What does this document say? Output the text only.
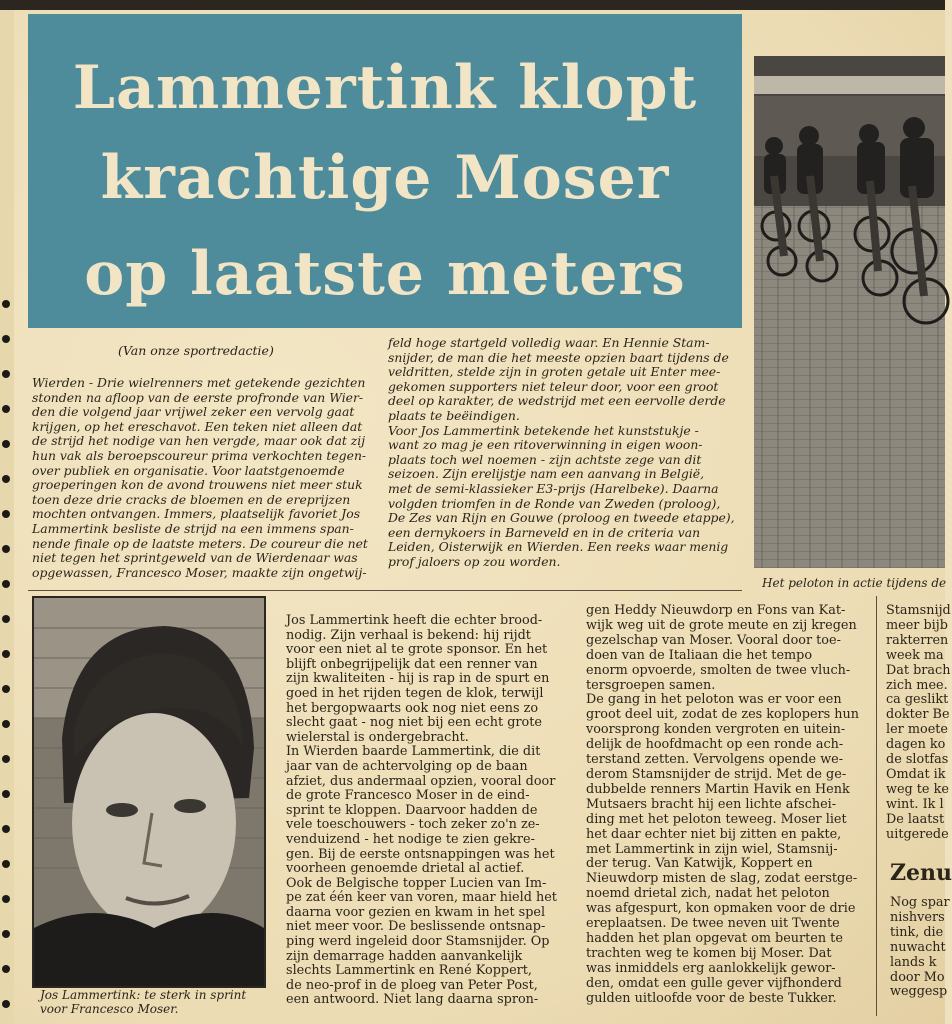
Lammertink klopt
krachtige Moser
op laatste meters
Het peloton in actie tijdens de
(Van onze sportredactie)

Wierden - Drie wielrenners met getekende gezichten

stonden na afloop van de eerste profronde van Wier-

den die volgend jaar vrijwel zeker een vervolg gaat

krijgen, op het ereschavot. Een teken niet alleen dat

de strijd het nodige van hen vergde, maar ook dat zij

hun vak als beroepscoureur prima verkochten tegen-

over publiek en organisatie. Voor laatstgenoemde

groeperingen kon de avond trouwens niet meer stuk

toen deze drie cracks de bloemen en de ereprijzen

mochten ontvangen. Immers, plaatselijk favoriet Jos

Lammertink besliste de strijd na een immens span-

nende finale op de laatste meters. De coureur die net

niet tegen het sprintgeweld van de Wierdenaar was

opgewassen, Francesco Moser, maakte zijn ongetwij-

feld hoge startgeld volledig waar. En Hennie Stam-

snijder, de man die het meeste opzien baart tijdens de

veldritten, stelde zijn in groten getale uit Enter mee-

gekomen supporters niet teleur door, voor een groot

deel op karakter, de wedstrijd met een eervolle derde

plaats te beëindigen.

Voor Jos Lammertink betekende het kunststukje -

want zo mag je een ritoverwinning in eigen woon-

plaats toch wel noemen - zijn achtste zege van dit

seizoen. Zijn erelijstje nam een aanvang in België,

met de semi-klassieker E3-prijs (Harelbeke). Daarna

volgden triomfen in de Ronde van Zweden (proloog),

De Zes van Rijn en Gouwe (proloog en tweede etappe),

een dernykoers in Barneveld en in de criteria van

Leiden, Oisterwijk en Wierden. Een reeks waar menig

prof jaloers op zou worden.

Jos Lammertink: te sterk in sprint
voor Francesco Moser.

Jos Lammertink heeft die echter brood-

nodig. Zijn verhaal is bekend: hij rijdt

voor een niet al te grote sponsor. En het

blijft onbegrijpelijk dat een renner van

zijn kwaliteiten - hij is rap in de spurt en

goed in het rijden tegen de klok, terwijl

het bergopwaarts ook nog niet eens zo

slecht gaat - nog niet bij een echt grote

wielerstal is ondergebracht.

In Wierden baarde Lammertink, die dit

jaar van de achtervolging op de baan

afziet, dus andermaal opzien, vooral door

de grote Francesco Moser in de eind-

sprint te kloppen. Daarvoor hadden de

vele toeschouwers - toch zeker zo'n ze-

venduizend - het nodige te zien gekre-

gen. Bij de eerste ontsnappingen was het

voorheen genoemde drietal al actief.

Ook de Belgische topper Lucien van Im-

pe zat één keer van voren, maar hield het

daarna voor gezien en kwam in het spel

niet meer voor. De beslissende ontsnap-

ping werd ingeleid door Stamsnijder. Op

zijn demarrage hadden aanvankelijk

slechts Lammertink en René Koppert,

de neo-prof in de ploeg van Peter Post,

een antwoord. Niet lang daarna spron-

gen Heddy Nieuwdorp en Fons van Kat-

wijk weg uit de grote meute en zij kregen

gezelschap van Moser. Vooral door toe-

doen van de Italiaan die het tempo

enorm opvoerde, smolten de twee vluch-

tersgroepen samen.

De gang in het peloton was er voor een

groot deel uit, zodat de zes koplopers hun

voorsprong konden vergroten en uitein-

delijk de hoofdmacht op een ronde ach-

terstand zetten. Vervolgens opende we-

derom Stamsnijder de strijd. Met de ge-

dubbelde renners Martin Havik en Henk

Mutsaers bracht hij een lichte afschei-

ding met het peloton teweeg. Moser liet

het daar echter niet bij zitten en pakte,

met Lammertink in zijn wiel, Stamsnij-

der terug. Van Katwijk, Koppert en

Nieuwdorp misten de slag, zodat eerstge-

noemd drietal zich, nadat het peloton

was afgespurt, kon opmaken voor de drie

ereplaatsen. De twee neven uit Twente

hadden het plan opgevat om beurten te

trachten weg te komen bij Moser. Dat

was inmiddels erg aanlokkelijk gewor-

den, omdat een gulle gever vijfhonderd

gulden uitloofde voor de beste Tukker.

Stamsnijd

meer bijb

rakterren

week ma

Dat brach

zich mee.

ca geslikt

dokter Be

ler moete

dagen ko

de slotfas

Omdat ik

weg te ke

wint. Ik l

De laatst

uitgerede

Zenu

Nog spar

nishvers

tink, die

nuwacht

lands k

door Mo

weggesp
